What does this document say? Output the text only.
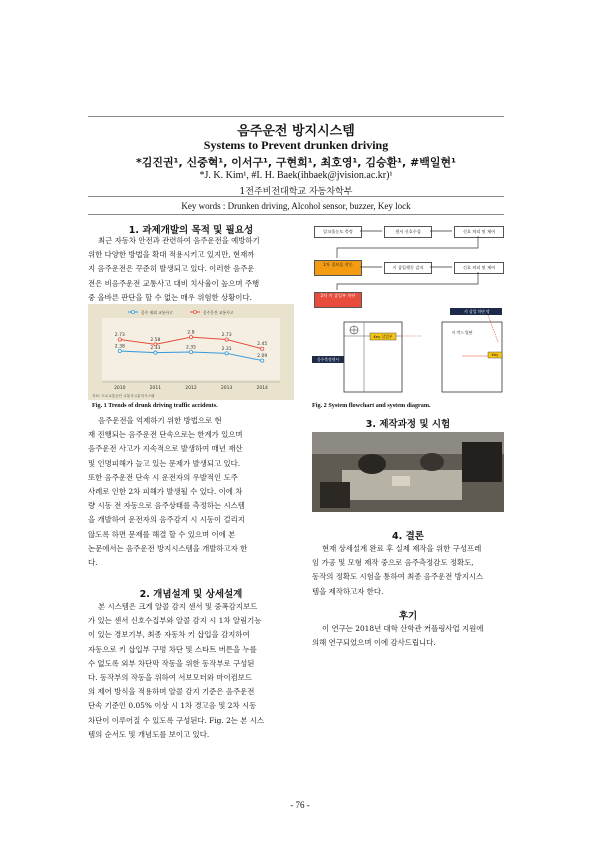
음주운전 방지시스템
Systems to Prevent drunken driving
*김진권¹, 신중혁¹, 이서구¹, 구현희¹, 최호영¹, 김승환¹, #백일현¹
*J. K. Kim¹, #I. H. Baek(ihbaek@jvision.ac.kr)¹
1전주비전대학교 자동차학부
Key words : Drunken driving, Alcohol sensor, buzzer, Key lock
1. 과제개발의 목적 및 필요성
최근 자동차 안전과 관련하여 음주운전을 예방하기
위한 다양한 방법을 확대 적용시키고 있지만, 현재까
지 음주운전은 꾸준히 발생되고 있다. 이러한 음주운
전은 비음주운전 교통사고 대비 치사율이 높으며 주행
중 올바른 판단을 할 수 없는 매우 위험한 상황이다.
음주 제외 교통사고	음주운전 교통사고
2.73
2.58
2.8	2.73
2.45
2.38	2.33	2.35	2.31
2.09
2010	2011	2012	2013	2014
자료: 도로교통공단 교통사고분석시스템
Fig. 1 Trends of drunk driving traffic accidents.
음주운전을 억제하기 위한 방법으로 현
재 진행되는 음주운전 단속으로는 한계가 있으며
음주운전 사고가 지속적으로 발생하여 매년 재산
및 인명피해가 늘고 있는 문제가 발생되고 있다.
또한 음주운전 단속 시 운전자의 우발적인 도주
사례로 인한 2차 피해가 발생될 수 있다. 이에 차
량 시동 전 자동으로 음주상태를 측정하는 시스템
을 개발하여 운전자의 음주감지 시 시동이 걸리지
않도록 하면 문제를 해결 할 수 있으며 이에 본
논문에서는 음주운전 방지시스템을 개발하고자 한
다.
2. 개념설계 및 상세설계
본 시스템은 크게 알콜 감지 센서 및 중폭감지보드
가 있는 센서 신호수집부와 알콜 감지 시 1차 알림기능
이 있는 경보기부, 최종 자동차 키 삽입을 감지하여
자동으로 키 삽입부 구멍 차단 및 스타트 버튼을 누를
수 없도록 외부 차단막 작동을 위한 동작부로 구성된
다. 동작부의 작동을 위하여 서보모터와 마이컴보드
의 제어 방식을 적용하며 알콜 감지 기준은 음주운전
단속 기준인 0.05% 이상 시 1차 경고음 및 2차 시동
차단이 이루어질 수 있도록 구성된다. Fig. 2는 본 시스
템의 순서도 및 개념도를 보이고 있다.
알코올농도 측정	센서 신호수집	신호 처리 및 제어
1차 경보음 작동
키 삽입행동 감지	신호 처리 및 제어
2차 키 삽입부 차단
키 삽입 차단 막
Key 삽입부
Key
음주측정센서
키 박스 열판
Fig. 2 System flowchart and system diagram.
3. 제작과정 및 시험
4. 결론
현재 상세설계 완료 후 실제 제작을 위한 구성프레
임 가공 및 모형 제작 중으로 음주측정감도 정확도,
동작의 정확도 시험을 통하여 최종 음주운전 방지시스
템을 제작하고자 한다.
후기
이 연구는 2018년 대학 산학관 커플링사업 지원에
의해 연구되었으며 이에 감사드립니다.
- 76 -
